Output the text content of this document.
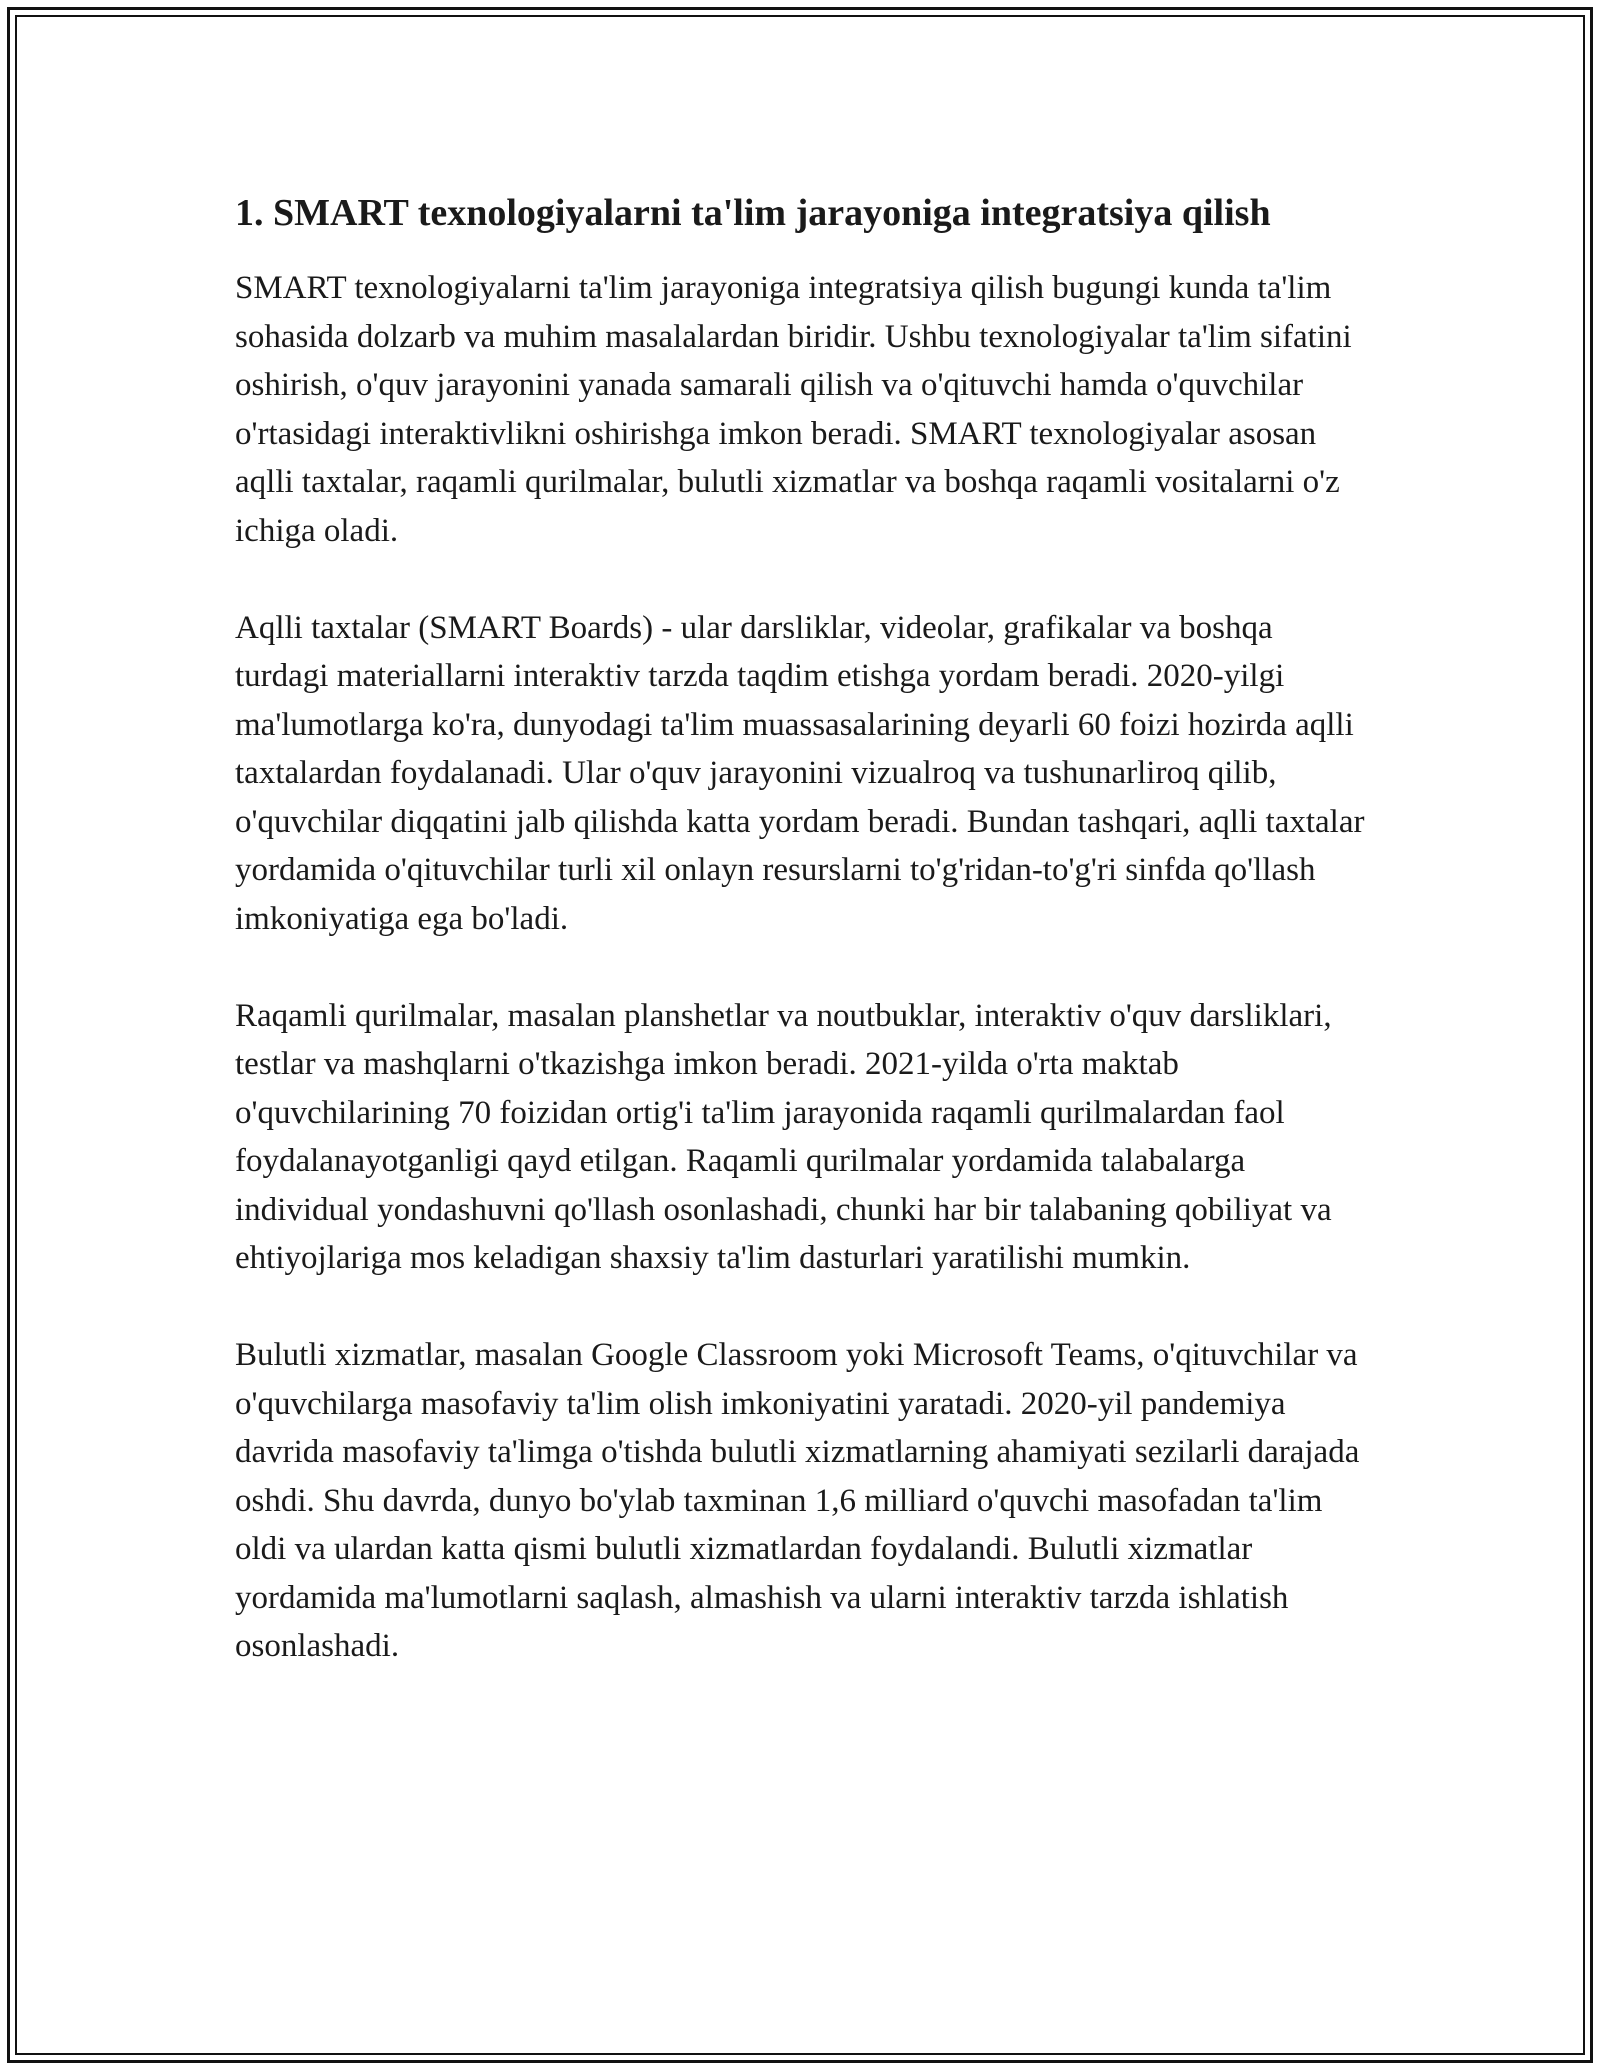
1. SMART texnologiyalarni ta'lim jarayoniga integratsiya qilish

SMART texnologiyalarni ta'lim jarayoniga integratsiya qilish bugungi kunda ta'lim sohasida dolzarb va muhim masalalardan biridir. Ushbu texnologiyalar ta'lim sifatini oshirish, o'quv jarayonini yanada samarali qilish va o'qituvchi hamda o'quvchilar o'rtasidagi interaktivlikni oshirishga imkon beradi. SMART texnologiyalar asosan aqlli taxtalar, raqamli qurilmalar, bulutli xizmatlar va boshqa raqamli vositalarni o'z ichiga oladi.

Aqlli taxtalar (SMART Boards) - ular darsliklar, videolar, grafikalar va boshqa turdagi materiallarni interaktiv tarzda taqdim etishga yordam beradi. 2020-yilgi ma'lumotlarga ko'ra, dunyodagi ta'lim muassasalarining deyarli 60 foizi hozirda aqlli taxtalardan foydalanadi. Ular o'quv jarayonini vizualroq va tushunarliroq qilib, o'quvchilar diqqatini jalb qilishda katta yordam beradi. Bundan tashqari, aqlli taxtalar yordamida o'qituvchilar turli xil onlayn resurslarni to'g'ridan-to'g'ri sinfda qo'llash imkoniyatiga ega bo'ladi.

Raqamli qurilmalar, masalan planshetlar va noutbuklar, interaktiv o'quv darsliklari, testlar va mashqlarni o'tkazishga imkon beradi. 2021-yilda o'rta maktab o'quvchilarining 70 foizidan ortig'i ta'lim jarayonida raqamli qurilmalardan faol foydalanayotganligi qayd etilgan. Raqamli qurilmalar yordamida talabalarga individual yondashuvni qo'llash osonlashadi, chunki har bir talabaning qobiliyat va ehtiyojlariga mos keladigan shaxsiy ta'lim dasturlari yaratilishi mumkin.

Bulutli xizmatlar, masalan Google Classroom yoki Microsoft Teams, o'qituvchilar va o'quvchilarga masofaviy ta'lim olish imkoniyatini yaratadi. 2020-yil pandemiya davrida masofaviy ta'limga o'tishda bulutli xizmatlarning ahamiyati sezilarli darajada oshdi. Shu davrda, dunyo bo'ylab taxminan 1,6 milliard o'quvchi masofadan ta'lim oldi va ulardan katta qismi bulutli xizmatlardan foydalandi. Bulutli xizmatlar yordamida ma'lumotlarni saqlash, almashish va ularni interaktiv tarzda ishlatish osonlashadi.
